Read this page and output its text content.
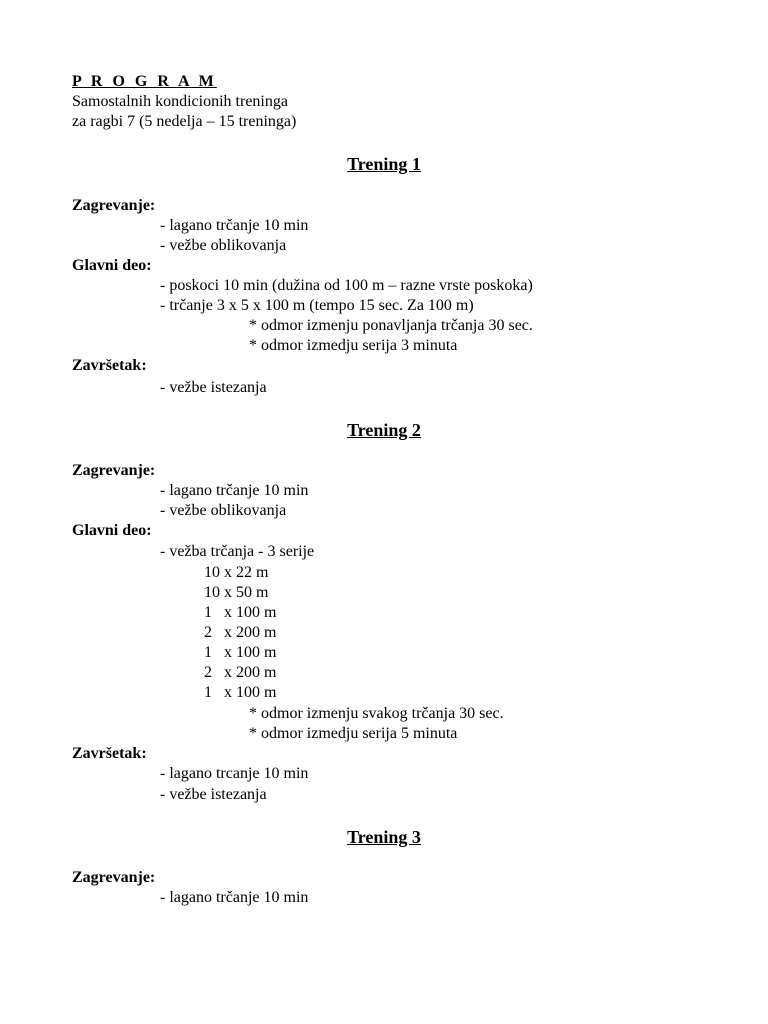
P R O G R A M
Samostalnih kondicionih treninga
za ragbi 7 (5 nedelja – 15 treninga)
Trening 1
Zagrevanje:
- lagano trčanje 10 min
- vežbe oblikovanja
Glavni deo:
- poskoci 10 min (dužina od 100 m – razne vrste poskoka)
- trčanje 3 x 5 x 100 m (tempo 15 sec. Za 100 m)
* odmor izmenju ponavljanja trčanja 30 sec.
* odmor izmedju serija 3 minuta
Završetak:
- vežbe istezanja
Trening 2
Zagrevanje:
- lagano trčanje 10 min
- vežbe oblikovanja
Glavni deo:
- vežba trčanja - 3 serije
10 x 22 m
10 x 50 m
1   x 100 m
2   x 200 m
1   x 100 m
2   x 200 m
1   x 100 m
* odmor izmenju svakog trčanja 30 sec.
* odmor izmedju serija 5 minuta
Završetak:
- lagano trcanje 10 min
- vežbe istezanja
Trening 3
Zagrevanje:
- lagano trčanje 10 min
